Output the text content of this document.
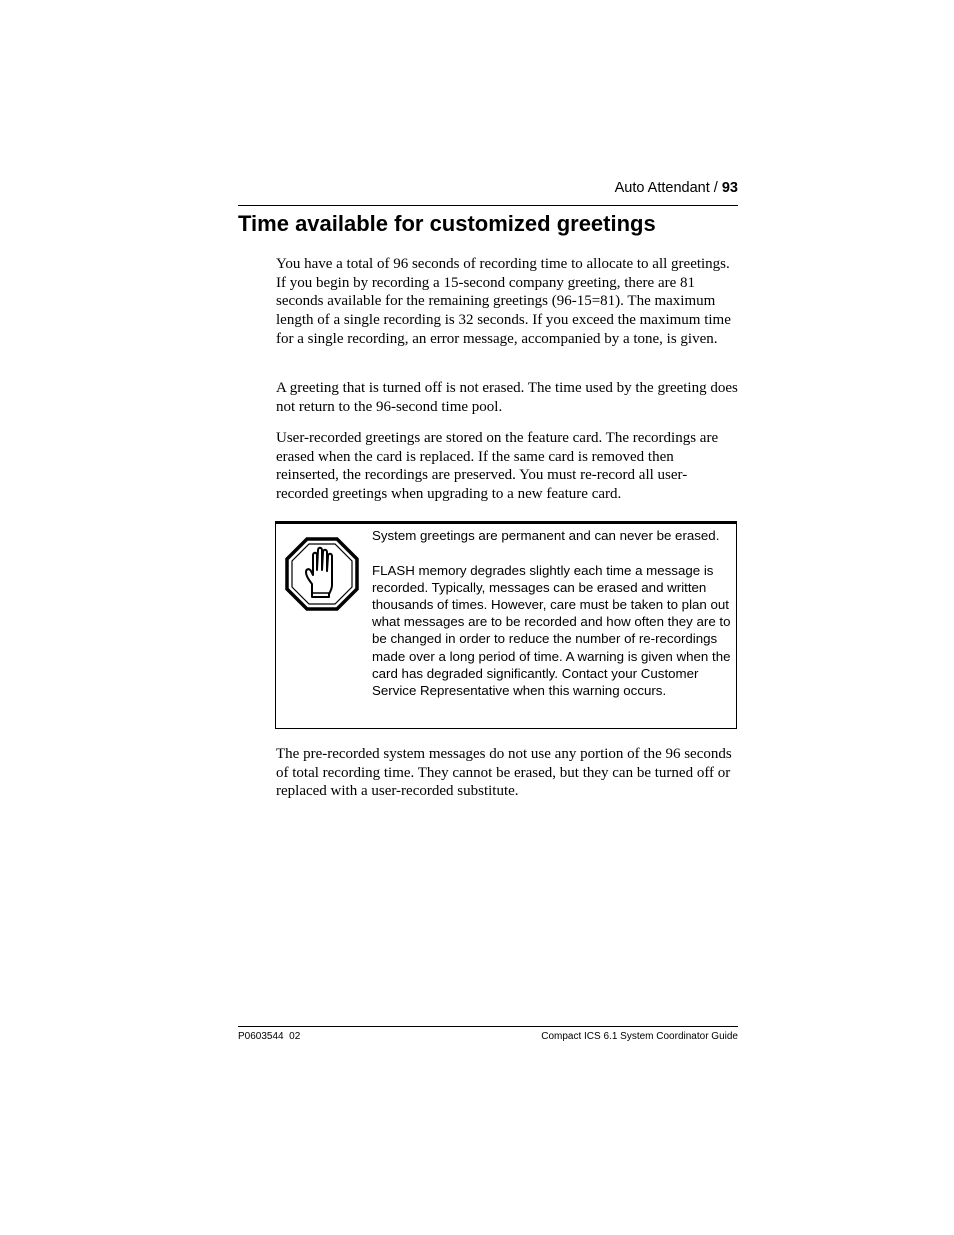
Auto Attendant / 93
Time available for customized greetings

You have a total of 96 seconds of recording time to allocate to all greetings. If you begin by recording a 15-second company greeting, there are 81 seconds available for the remaining greetings (96-15=81). The maximum length of a single recording is 32 seconds. If you exceed the maximum time for a single recording, an error message, accompanied by a tone, is given.

A greeting that is turned off is not erased. The time used by the greeting does not return to the 96-second time pool.

User-recorded greetings are stored on the feature card. The recordings are erased when the card is replaced. If the same card is removed then reinserted, the recordings are preserved. You must re-record all user-recorded greetings when upgrading to a new feature card.

System greetings are permanent and can never be erased.

FLASH memory degrades slightly each time a message is recorded. Typically, messages can be erased and written thousands of times. However, care must be taken to plan out what messages are to be recorded and how often they are to be changed in order to reduce the number of re-recordings made over a long period of time. A warning is given when the card has degraded significantly. Contact your Customer Service Representative when this warning occurs.

The pre-recorded system messages do not use any portion of the 96 seconds of total recording time. They cannot be erased, but they can be turned off or replaced with a user-recorded substitute.

P0603544  02	Compact ICS 6.1 System Coordinator Guide
